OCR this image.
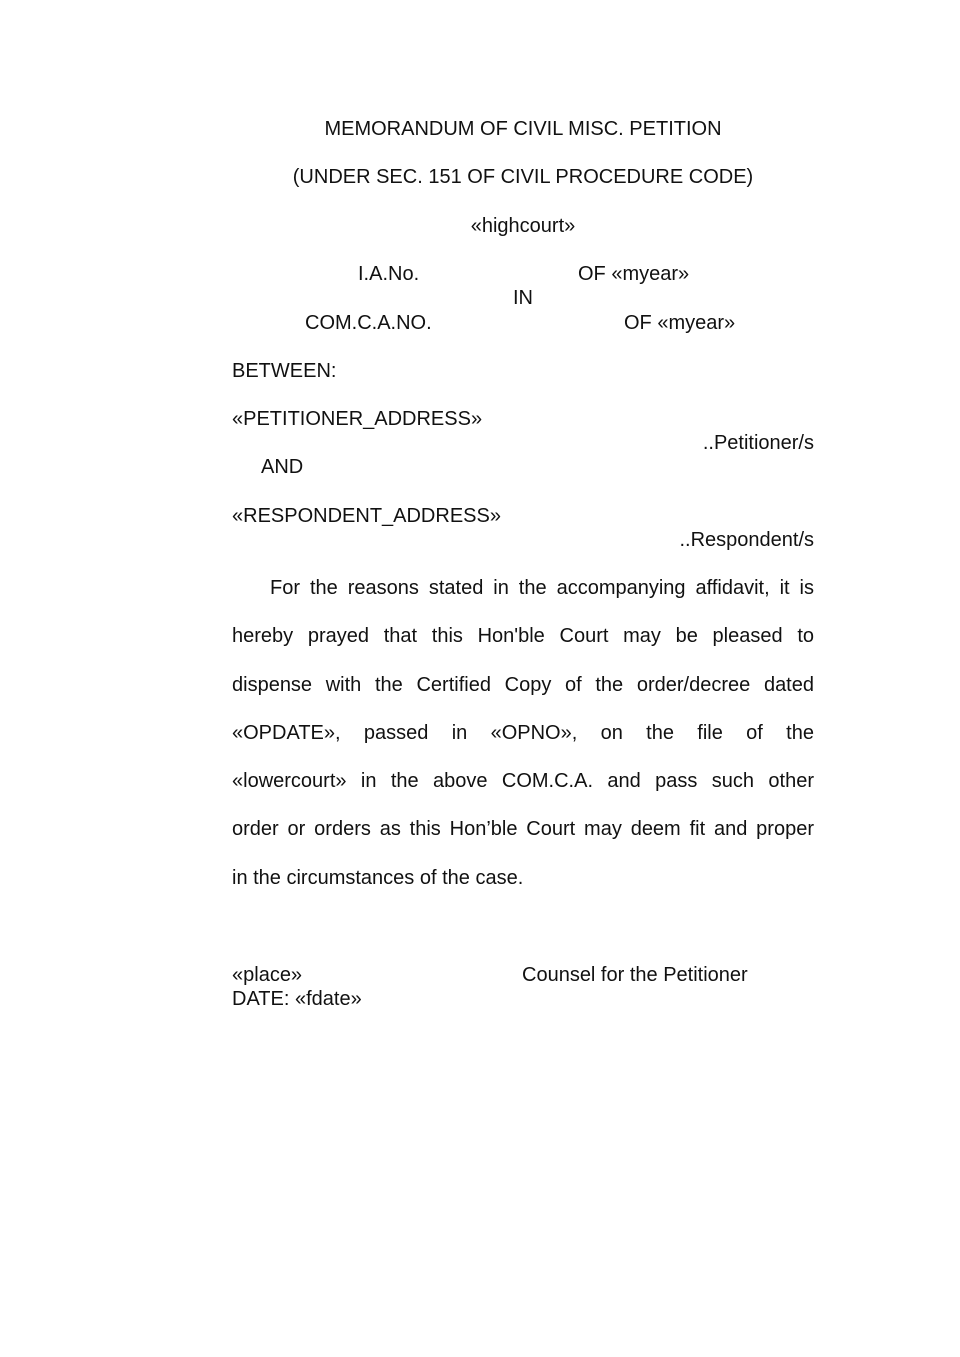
MEMORANDUM OF CIVIL MISC. PETITION
(UNDER SEC. 151 OF CIVIL PROCEDURE CODE)
«highcourt»
I.A.No.	OF «myear»
IN
COM.C.A.NO.	OF «myear»
BETWEEN:
«PETITIONER_ADDRESS»
..Petitioner/s
AND
«RESPONDENT_ADDRESS»
..Respondent/s
For the reasons stated in the accompanying affidavit, it is
hereby prayed that this Hon'ble Court may be pleased to
dispense with the Certified Copy of the order/decree dated
«OPDATE», passed in «OPNO», on the file of the
«lowercourt» in the above COM.C.A. and pass such other
order or orders as this Hon’ble Court may deem fit and proper
in the circumstances of the case.
«place»	Counsel for the Petitioner
DATE: «fdate»
